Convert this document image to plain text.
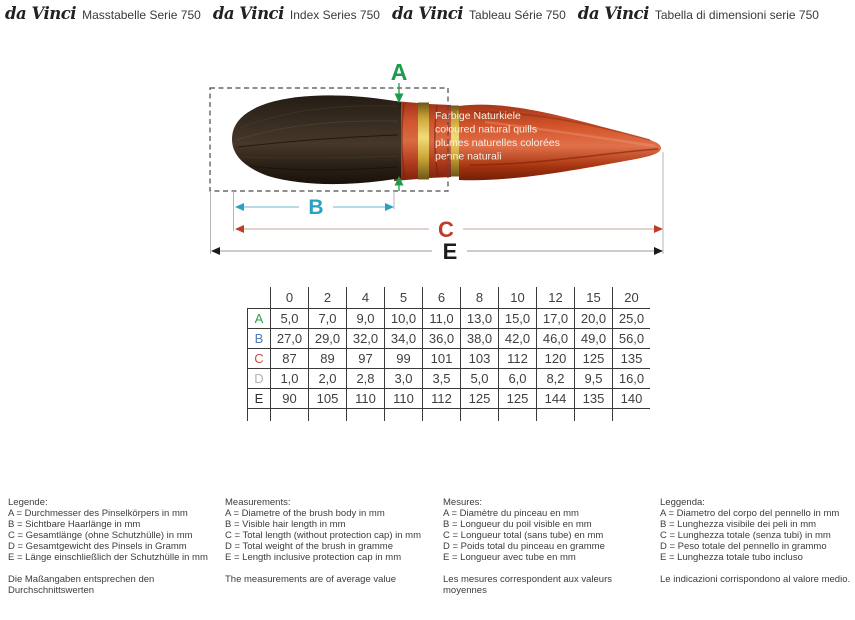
da Vinci Masstabelle Serie 750 da Vinci Index Series 750 da Vinci Tableau Série 750 da Vinci Tabella di dimensioni serie 750
Farbige Naturkiele
coloured natural quills
plumes naturelles colorées
penne naturali
A
B
C
E
	0	2	4	5	6	8	10	12	15	20
A	5,0	7,0	9,0	10,0	11,0	13,0	15,0	17,0	20,0	25,0
B	27,0	29,0	32,0	34,0	36,0	38,0	42,0	46,0	49,0	56,0
C	87	89	97	99	101	103	112	120	125	135
D	1,0	2,0	2,8	3,0	3,5	5,0	6,0	8,2	9,5	16,0
E	90	105	110	110	112	125	125	144	135	140

Legende:
A = Durchmesser des Pinselkörpers in mm
B = Sichtbare Haarlänge in mm
C = Gesamtlänge (ohne Schutzhülle) in mm
D = Gesamtgewicht des Pinsels in Gramm
E = Länge einschließlich der Schutzhülle in mm
Die Maßangaben entsprechen den
Durchschnittswerten
Measurements:
A = Diametre of the brush body in mm
B = Visible hair length in mm
C = Total length (without protection cap) in mm
D = Total weight of the brush in gramme
E = Length inclusive protection cap in mm
The measurements are of average value
Mesures:
A = Diamètre du pinceau en mm
B = Longueur du poil visible en mm
C = Longueur total (sans tube) en mm
D = Poids total du pinceau en gramme
E = Longueur avec tube en mm
Les mesures correspondent aux valeurs
moyennes
Leggenda:
A = Diametro del corpo del pennello in mm
B = Lunghezza visibile dei peli in mm
C = Lunghezza totale (senza tubi) in mm
D = Peso totale del pennello in grammo
E = Lunghezza totale tubo incluso
Le indicazioni corrispondono al valore medio.
